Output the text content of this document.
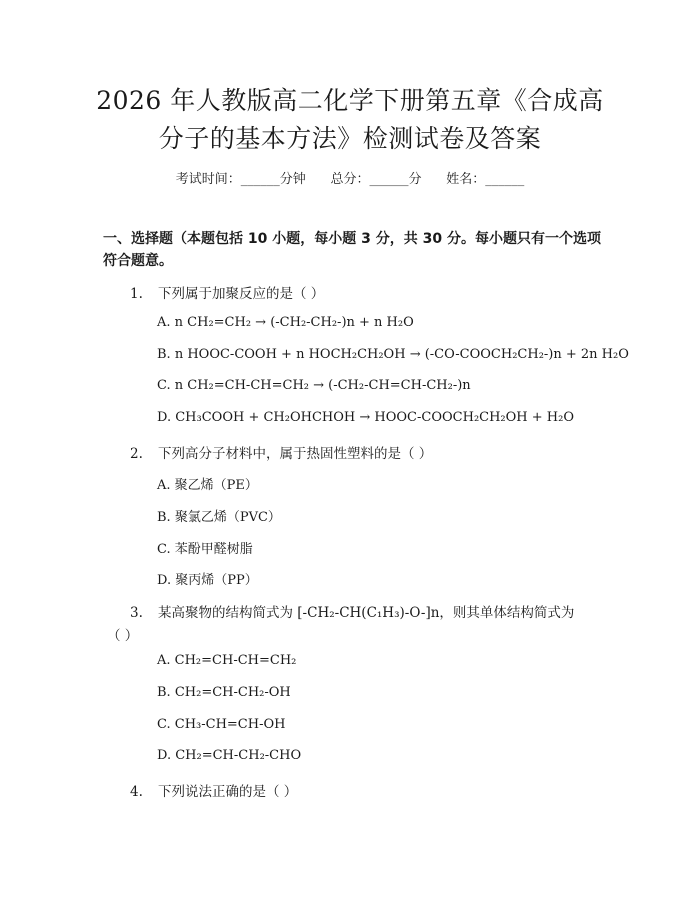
2026 年人教版高二化学下册第五章《合成高
分子的基本方法》检测试卷及答案
考试时间：______分钟      总分：______分      姓名：______
一、选择题（本题包括 10 小题，每小题 3 分，共 30 分。每小题只有一个选项符合题意。
1. 下列属于加聚反应的是（ ）
A. n CH₂=CH₂ → (-CH₂-CH₂-)n + n H₂O
B. n HOOC-COOH + n HOCH₂CH₂OH → (-CO-COOCH₂CH₂-)n + 2n H₂O
C. n CH₂=CH-CH=CH₂ → (-CH₂-CH=CH-CH₂-)n
D. CH₃COOH + CH₂OHCHOH → HOOC-COOCH₂CH₂OH + H₂O
2. 下列高分子材料中，属于热固性塑料的是（ ）
A. 聚乙烯（PE）
B. 聚氯乙烯（PVC）
C. 苯酚甲醛树脂
D. 聚丙烯（PP）
3. 某高聚物的结构简式为 [-CH₂-CH(C₁H₃)-O-]n，则其单体结构简式为
（ ）
A. CH₂=CH-CH=CH₂
B. CH₂=CH-CH₂-OH
C. CH₃-CH=CH-OH
D. CH₂=CH-CH₂-CHO
4. 下列说法正确的是（ ）
